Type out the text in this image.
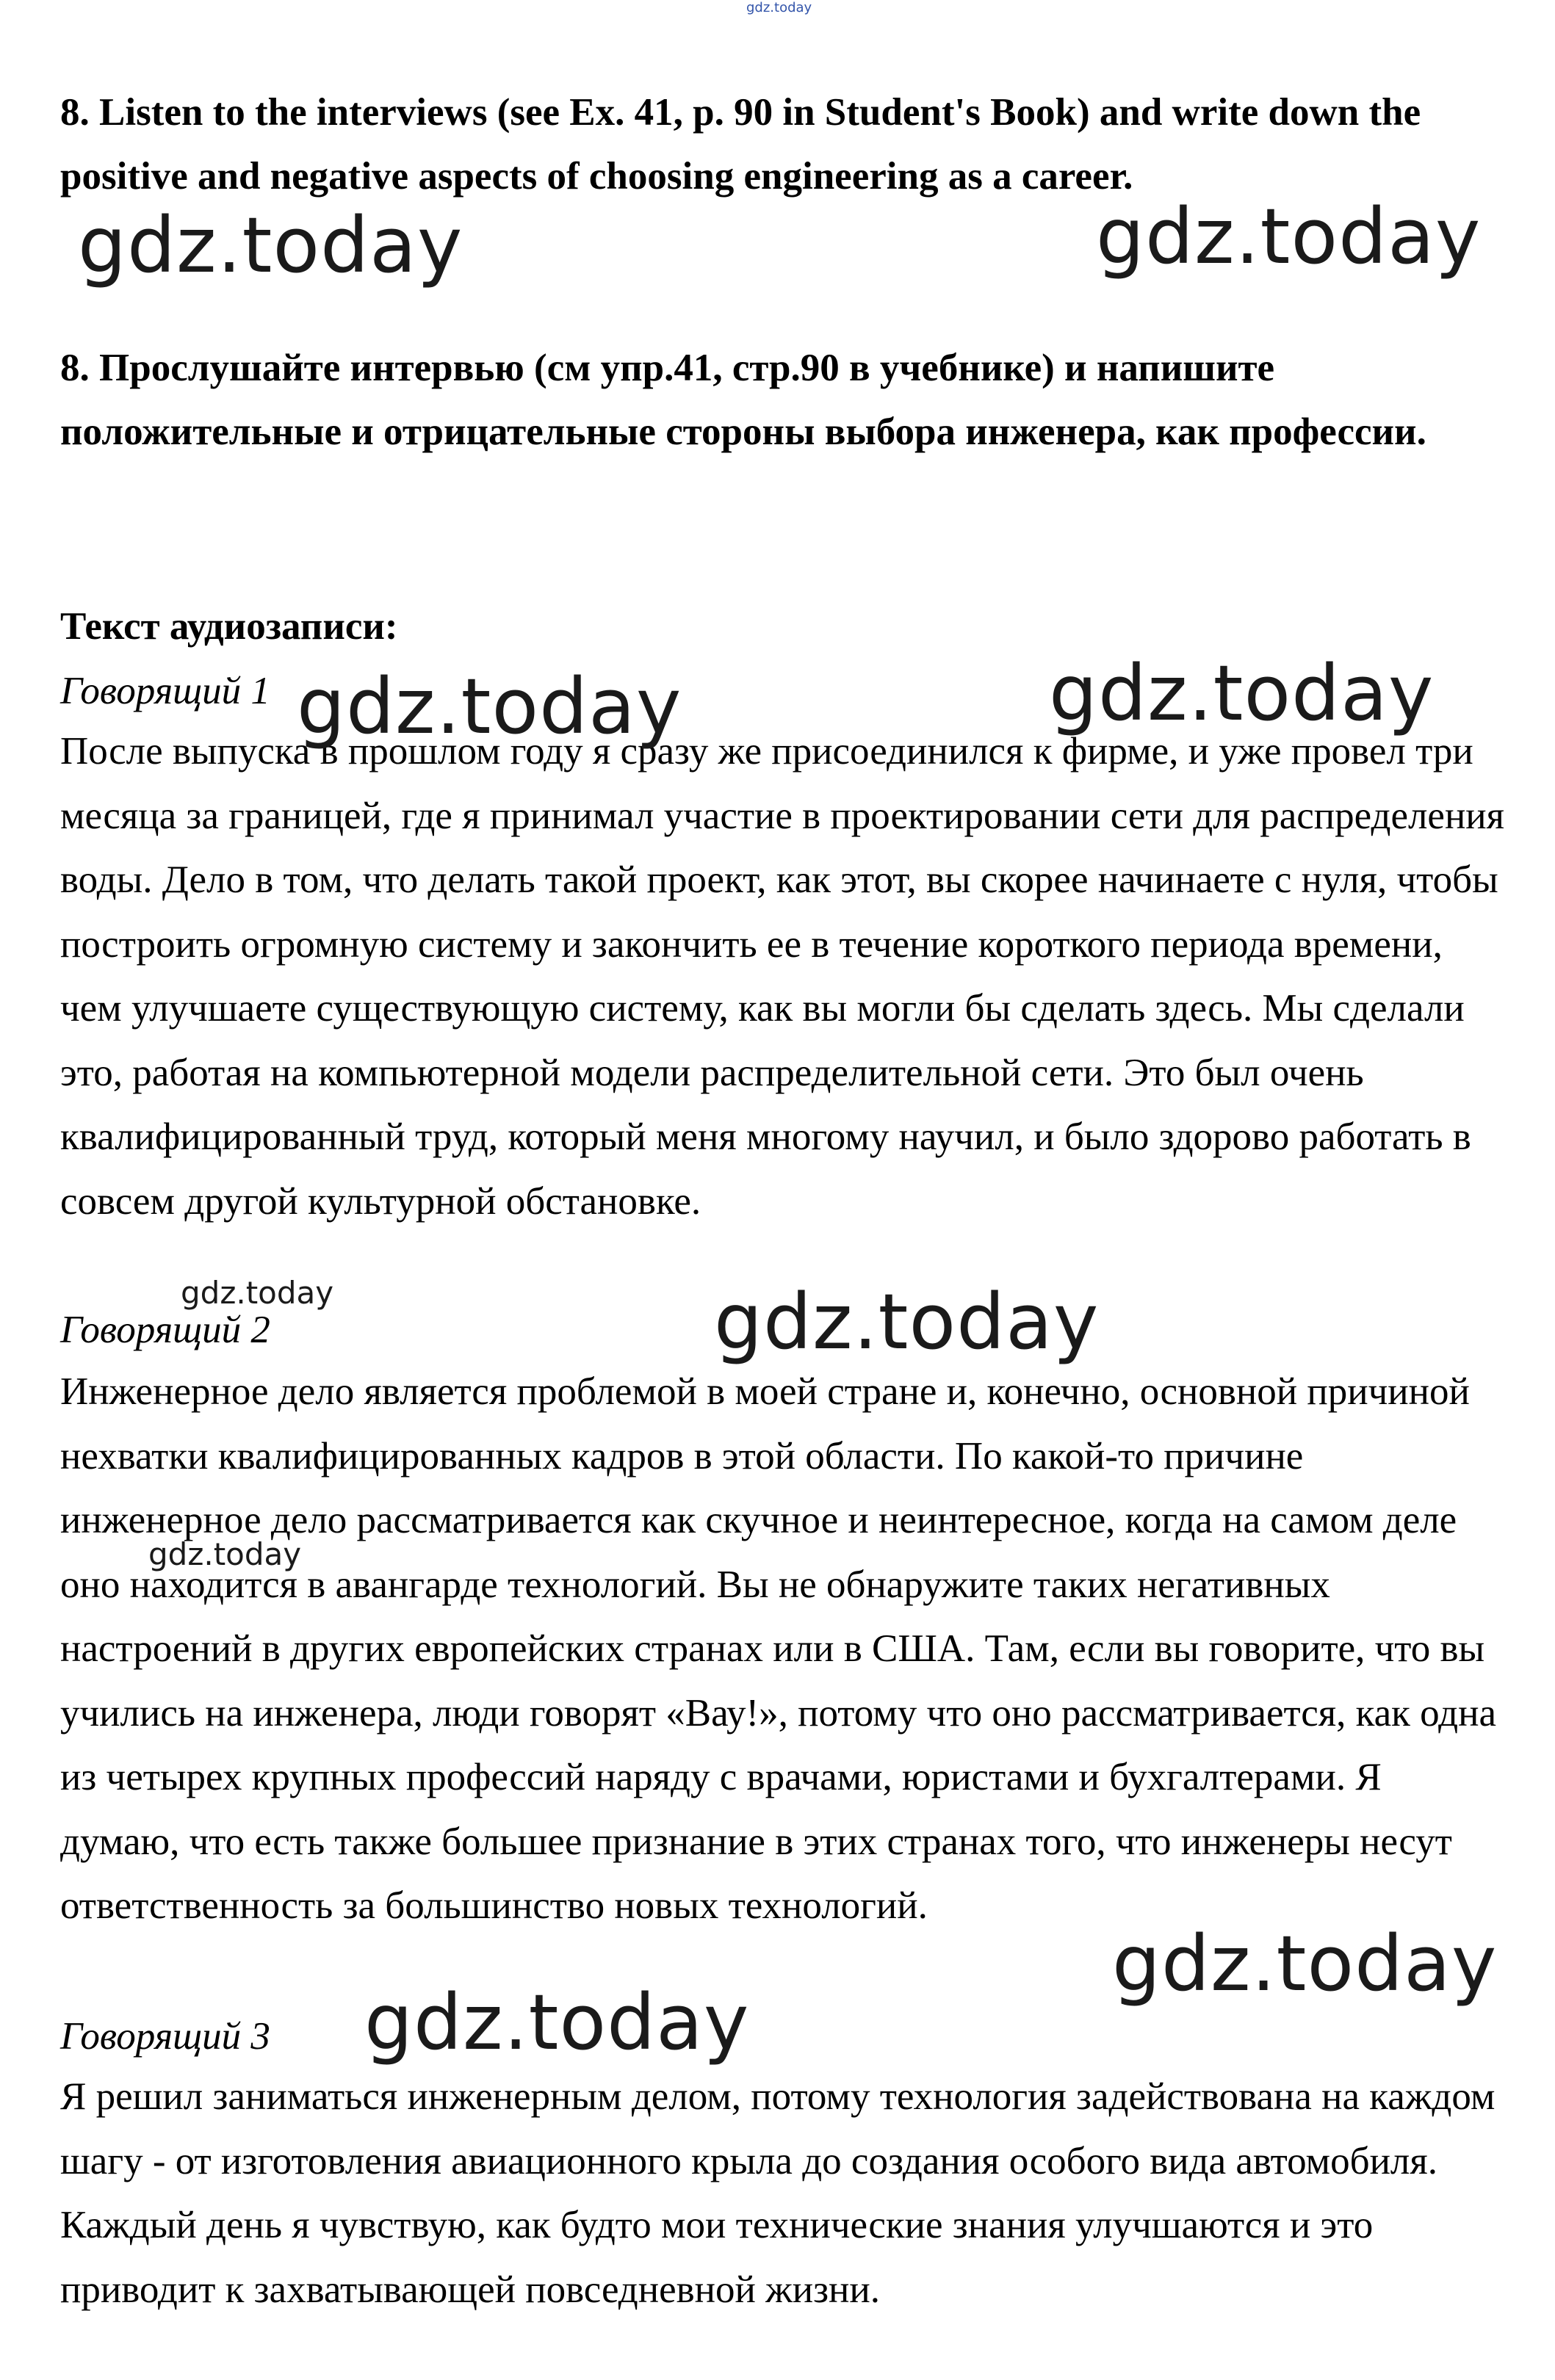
gdz.today

8. Listen to the interviews (see Ex. 41, p. 90 in Student's Book) and write down the positive and negative aspects of choosing engineering as a career.

8. Прослушайте интервью (см упр.41, стр.90 в учебнике) и напишите положительные и отрицательные стороны выбора инженера, как профессии.

Текст аудиозаписи:

Говорящий 1

После выпуска в прошлом году я сразу же присоединился к фирме, и уже провел три месяца за границей, где я принимал участие в проектировании сети для распределения воды. Дело в том, что делать такой проект, как этот, вы скорее начинаете с нуля, чтобы построить огромную систему и закончить ее в течение короткого периода времени, чем улучшаете существующую систему, как вы могли бы сделать здесь. Мы сделали это, работая на компьютерной модели распределительной сети. Это был очень квалифицированный труд, который меня многому научил, и было здорово работать в совсем другой культурной обстановке.

Говорящий 2

Инженерное дело является проблемой в моей стране и, конечно, основной причиной нехватки квалифицированных кадров в этой области. По какой-то причине инженерное дело рассматривается как скучное и неинтересное, когда на самом деле оно находится в авангарде технологий. Вы не обнаружите таких негативных настроений в других европейских странах или в США. Там, если вы говорите, что вы учились на инженера, люди говорят «Вау!», потому что оно рассматривается, как одна из четырех крупных профессий наряду с врачами, юристами и бухгалтерами. Я думаю, что есть также большее признание в этих странах того, что инженеры несут ответственность за большинство новых технологий.

Говорящий 3

Я решил заниматься инженерным делом, потому технология задействована на каждом шагу - от изготовления авиационного крыла до создания особого вида автомобиля. Каждый день я чувствую, как будто мои технические знания улучшаются и это приводит к захватывающей повседневной жизни.

gdz.today	gdz.today
gdz.today	gdz.today
gdz.today	gdz.today
gdz.today
gdz.today
gdz.today
